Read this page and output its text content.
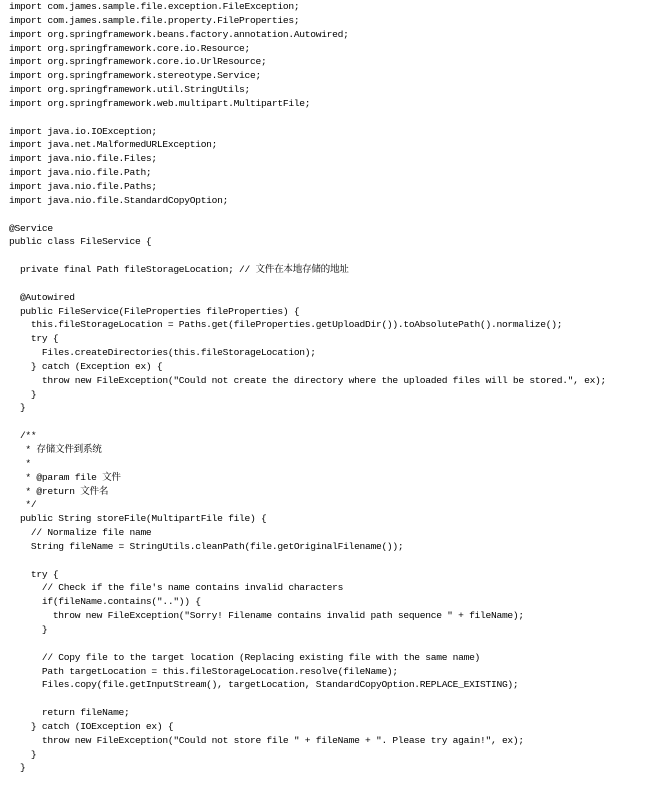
import com.james.sample.file.exception.FileException;
import com.james.sample.file.property.FileProperties;
import org.springframework.beans.factory.annotation.Autowired;
import org.springframework.core.io.Resource;
import org.springframework.core.io.UrlResource;
import org.springframework.stereotype.Service;
import org.springframework.util.StringUtils;
import org.springframework.web.multipart.MultipartFile;
import java.io.IOException;
import java.net.MalformedURLException;
import java.nio.file.Files;
import java.nio.file.Path;
import java.nio.file.Paths;
import java.nio.file.StandardCopyOption;
@Service
public class FileService {
private final Path fileStorageLocation; // 文件在本地存储的地址
@Autowired
public FileService(FileProperties fileProperties) {
this.fileStorageLocation = Paths.get(fileProperties.getUploadDir()).toAbsolutePath().normalize();
try {
Files.createDirectories(this.fileStorageLocation);
} catch (Exception ex) {
throw new FileException("Could not create the directory where the uploaded files will be stored.", ex);
}
}
/**
* 存储文件到系统
*
* @param file 文件
* @return 文件名
*/
public String storeFile(MultipartFile file) {
// Normalize file name
String fileName = StringUtils.cleanPath(file.getOriginalFilename());
try {
// Check if the file's name contains invalid characters
if(fileName.contains("..")) {
throw new FileException("Sorry! Filename contains invalid path sequence " + fileName);
}
// Copy file to the target location (Replacing existing file with the same name)
Path targetLocation = this.fileStorageLocation.resolve(fileName);
Files.copy(file.getInputStream(), targetLocation, StandardCopyOption.REPLACE_EXISTING);
return fileName;
} catch (IOException ex) {
throw new FileException("Could not store file " + fileName + ". Please try again!", ex);
}
}
